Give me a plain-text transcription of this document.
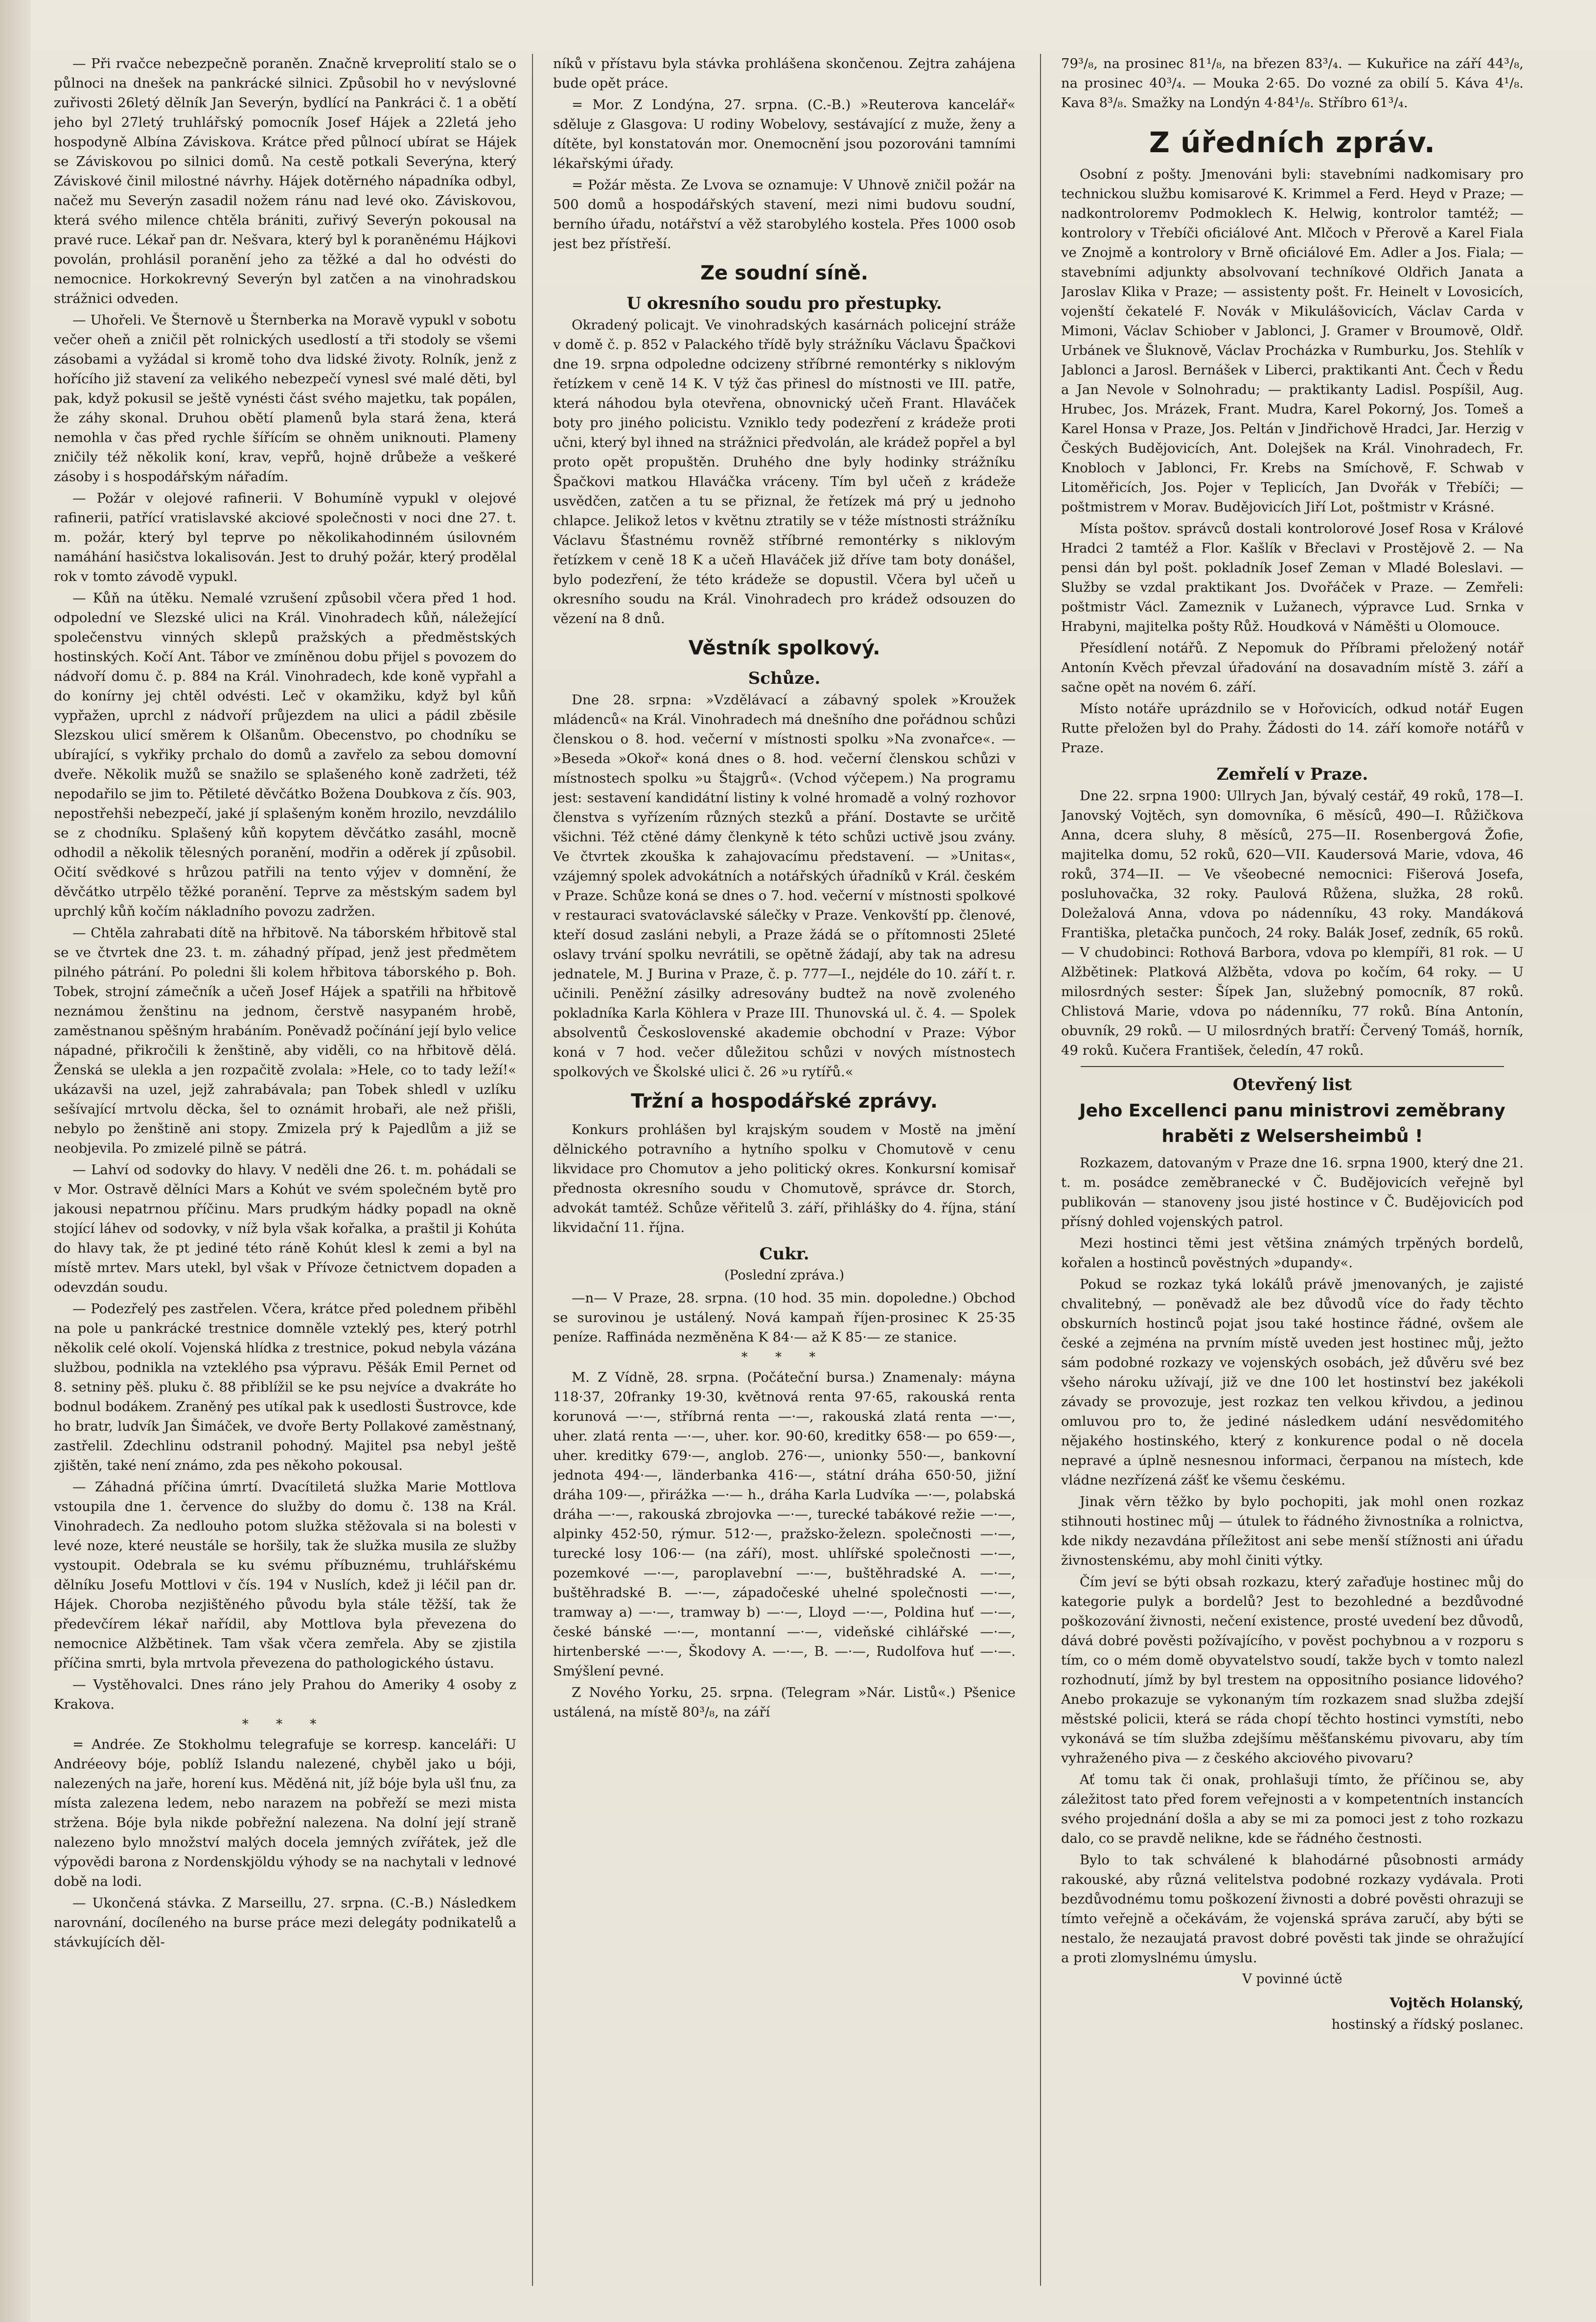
— Při rvačce nebezpečně poraněn. Značně krveprolití stalo se o půlnoci na dnešek na pankrácké silnici. Způsobil ho v nevýslovné zuřivosti 26letý dělník Jan Severýn, bydlící na Pankráci č. 1 a obětí jeho byl 27letý truhlářský pomocník Josef Hájek a 22letá jeho hospodyně Albína Záviskova. Krátce před půlnocí ubírat se Hájek se Záviskovou po silnici domů. Na cestě potkali Severýna, který Záviskové činil milostné návrhy. Hájek dotěrného nápadníka odbyl, načež mu Severýn zasadil nožem ránu nad levé oko. Záviskovou, která svého milence chtěla brániti, zuřivý Severýn pokousal na pravé ruce. Lékař pan dr. Nešvara, který byl k poraněnému Hájkovi povolán, prohlásil poranění jeho za těžké a dal ho odvésti do nemocnice. Horkokrevný Severýn byl zatčen a na vinohradskou strážnici odveden.

— Uhořeli. Ve Šternově u Šternberka na Moravě vypukl v sobotu večer oheň a zničil pět rolnických usedlostí a tři stodoly se všemi zásobami a vyžádal si kromě toho dva lidské životy. Rolník, jenž z hořícího již stavení za velikého nebezpečí vynesl své malé děti, byl pak, když pokusil se ještě vynésti část svého majetku, tak popálen, že záhy skonal. Druhou obětí plamenů byla stará žena, která nemohla v čas před rychle šířícím se ohněm uniknouti. Plameny zničily též několik koní, krav, vepřů, hojně drůbeže a veškeré zásoby i s hospodářským nářadím.

— Požár v olejové rafinerii. V Bohumíně vypukl v olejové rafinerii, patřící vratislavské akciové společnosti v noci dne 27. t. m. požár, který byl teprve po několikahodinném úsilovném namáhání hasičstva lokalisován. Jest to druhý požár, který prodělal rok v tomto závodě vypukl.

— Kůň na útěku. Nemalé vzrušení způsobil včera před 1 hod. odpolední ve Slezské ulici na Král. Vinohradech kůň, náležející společenstvu vinných sklepů pražských a předměstských hostinských. Kočí Ant. Tábor ve zmíněnou dobu přijel s povozem do nádvoří domu č. p. 884 na Král. Vinohradech, kde koně vypřahl a do konírny jej chtěl odvésti. Leč v okamžiku, když byl kůň vypřažen, uprchl z nádvoří průjezdem na ulici a pádil zběsile Slezskou ulicí směrem k Olšanům. Obecenstvo, po chodníku se ubírající, s vykřiky prchalo do domů a zavřelo za sebou domovní dveře. Několik mužů se snažilo se splašeného koně zadržeti, též nepodařilo se jim to. Pětileté děvčátko Božena Doubkova z čís. 903, nepostřehši nebezpečí, jaké jí splašeným koněm hrozilo, nevzdálilo se z chodníku. Splašený kůň kopytem děvčátko zasáhl, mocně odhodil a několik tělesných poranění, modřin a oděrek jí způsobil. Očití svědkové s hrůzou patřili na tento výjev v domnění, že děvčátko utrpělo těžké poranění. Teprve za městským sadem byl uprchlý kůň kočím nákladního povozu zadržen.

— Chtěla zahrabati dítě na hřbitově. Na táborském hřbitově stal se ve čtvrtek dne 23. t. m. záhadný případ, jenž jest předmětem pilného pátrání. Po poledni šli kolem hřbitova táborského p. Boh. Tobek, strojní zámečník a učeň Josef Hájek a spatřili na hřbitově neznámou ženštinu na jednom, čerstvě nasypaném hrobě, zaměstnanou spěšným hrabáním. Poněvadž počínání její bylo velice nápadné, přikročili k ženštině, aby viděli, co na hřbitově dělá. Ženská se ulekla a jen rozpačitě zvolala: »Hele, co to tady leží!« ukázavši na uzel, jejž zahrabávala; pan Tobek shledl v uzlíku sešívající mrtvolu děcka, šel to oznámit hrobaři, ale než přišli, nebylo po ženštině ani stopy. Zmizela prý k Pajedlům a již se neobjevila. Po zmizelé pilně se pátrá.

— Lahví od sodovky do hlavy. V neděli dne 26. t. m. pohádali se v Mor. Ostravě dělníci Mars a Kohút ve svém společném bytě pro jakousi nepatrnou příčinu. Mars prudkým hádky popadl na okně stojící láhev od sodovky, v níž byla však kořalka, a praštil ji Kohúta do hlavy tak, že pt jediné této ráně Kohút klesl k zemi a byl na místě mrtev. Mars utekl, byl však v Přívoze četnictvem dopaden a odevzdán soudu.

— Podezřelý pes zastřelen. Včera, krátce před polednem přiběhl na pole u pankrácké trestnice domněle vzteklý pes, který potrhl několik celé okolí. Vojenská hlídka z trestnice, pokud nebyla vázána službou, podnikla na vzteklého psa výpravu. Pěšák Emil Pernet od 8. setniny pěš. pluku č. 88 přiblížil se ke psu nejvíce a dvakráte ho bodnul bodákem. Zraněný pes utíkal pak k usedlosti Šustrovce, kde ho bratr, ludvík Jan Šimáček, ve dvoře Berty Pollakové zaměstnaný, zastřelil. Zdechlinu odstranil pohodný. Majitel psa nebyl ještě zjištěn, také není známo, zda pes někoho pokousal.

— Záhadná příčina úmrtí. Dvacítiletá služka Marie Mottlova vstoupila dne 1. července do služby do domu č. 138 na Král. Vinohradech. Za nedlouho potom služka stěžovala si na bolesti v levé noze, které neustále se horšily, tak že služka musila ze služby vystoupit. Odebrala se ku svému příbuznému, truhlářskému dělníku Josefu Mottlovi v čís. 194 v Nuslích, kdež ji léčil pan dr. Hájek. Choroba nezjištěného původu byla stále těžší, tak že předevčírem lékař nařídil, aby Mottlova byla převezena do nemocnice Alžbětinek. Tam však včera zemřela. Aby se zjistila příčina smrti, byla mrtvola převezena do pathologického ústavu.

— Vystěhovalci. Dnes ráno jely Prahou do Ameriky 4 osoby z Krakova.

* * *

= Andrée. Ze Stokholmu telegrafuje se korresp. kanceláři: U Andréeovy bóje, poblíž Islandu nalezené, chyběl jako u bóji, nalezených na jaře, horení kus. Měděná nit, jíž bóje byla ušl ťnu, za místa zalezena ledem, nebo narazem na pobřeží se mezi mista stržena. Bóje byla nikde pobřežní nalezena. Na dolní její straně nalezeno bylo množství malých docela jemných zvířátek, jež dle výpovědi barona z Nordenskjöldu výhody se na nachytali v lednové době na lodi.

— Ukončená stávka. Z Marseillu, 27. srpna. (C.-B.) Následkem narovnání, docíleného na burse práce mezi delegáty podnikatelů a stávkujících děl-

níků v přístavu byla stávka prohlášena skončenou. Zejtra zahájena bude opět práce.

= Mor. Z Londýna, 27. srpna. (C.-B.) »Reuterova kancelář« sděluje z Glasgova: U rodiny Wobelovy, sestávající z muže, ženy a dítěte, byl konstatován mor. Onemocnění jsou pozorováni tamními lékařskými úřady.

= Požár města. Ze Lvova se oznamuje: V Uhnově zničil požár na 500 domů a hospodářských stavení, mezi nimi budovu soudní, berního úřadu, notářství a věž starobylého kostela. Přes 1000 osob jest bez přístřeší.

Ze soudní síně.
U okresního soudu pro přestupky.

Okradený policajt. Ve vinohradských kasárnách policejní stráže v domě č. p. 852 v Palackého třídě byly strážníku Václavu Špačkovi dne 19. srpna odpoledne odcizeny stříbrné remontérky s niklovým řetízkem v ceně 14 K. V týž čas přinesl do místnosti ve III. patře, která náhodou byla otevřena, obnovnický učeň Frant. Hlaváček boty pro jiného policistu. Vzniklo tedy podezření z krádeže proti učni, který byl ihned na strážnici předvolán, ale krádež popřel a byl proto opět propuštěn. Druhého dne byly hodinky strážníku Špačkovi matkou Hlaváčka vráceny. Tím byl učeň z krádeže usvědčen, zatčen a tu se přiznal, že řetízek má prý u jednoho chlapce. Jelikož letos v květnu ztratily se v téže místnosti strážníku Václavu Šťastnému rovněž stříbrné remontérky s niklovým řetízkem v ceně 18 K a učeň Hlaváček již dříve tam boty donášel, bylo podezření, že této krádeže se dopustil. Včera byl učeň u okresního soudu na Král. Vinohradech pro krádež odsouzen do vězení na 8 dnů.

Věstník spolkový.
Schůze.

Dne 28. srpna: »Vzdělávací a zábavný spolek »Kroužek mládenců« na Král. Vinohradech má dnešního dne pořádnou schůzi členskou o 8. hod. večerní v místnosti spolku »Na zvonařce«. — »Beseda »Okoř« koná dnes o 8. hod. večerní členskou schůzi v místnostech spolku »u Štajgrů«. (Vchod výčepem.) Na programu jest: sestavení kandidátní listiny k volné hromadě a volný rozhovor členstva s vyřízením různých stezků a přání. Dostavte se určitě všichni. Též ctěné dámy členkyně k této schůzi uctivě jsou zvány. Ve čtvrtek zkouška k zahajovacímu představení. — »Unitas«, vzájemný spolek advokátních a notářských úřadníků v Král. českém v Praze. Schůze koná se dnes o 7. hod. večerní v místnosti spolkové v restauraci svatováclavské sálečky v Praze. Venkovští pp. členové, kteří dosud zasláni nebyli, a Praze žádá se o přítomnosti 25leté oslavy trvání spolku nevrátili, se opětně žádají, aby tak na adresu jednatele, M. J Burina v Praze, č. p. 777—I., nejdéle do 10. září t. r. učinili. Peněžní zásilky adresovány budtež na nově zvoleného pokladníka Karla Köhlera v Praze III. Thunovská ul. č. 4. — Spolek absolventů Československé akademie obchodní v Praze: Výbor koná v 7 hod. večer důležitou schůzi v nových místnostech spolkových ve Školské ulici č. 26 »u rytířů.«

Tržní a hospodářské zprávy.

Konkurs prohlášen byl krajským soudem v Mostě na jmění dělnického potravního a hytního spolku v Chomutově v cenu likvidace pro Chomutov a jeho politický okres. Konkursní komisař přednosta okresního soudu v Chomutově, správce dr. Storch, advokát tamtéž. Schůze věřitelů 3. září, přihlášky do 4. října, stání likvidační 11. října.

Cukr.
(Poslední zpráva.)

—n— V Praze, 28. srpna. (10 hod. 35 min. dopoledne.) Obchod se surovinou je ustálený. Nová kampaň říjen-prosinec K 25·35 peníze. Raffináda nezměněna K 84·— až K 85·— ze stanice.

* * *

M. Z Vídně, 28. srpna. (Počáteční bursa.) Znamenaly: máyna 118·37, 20franky 19·30, květnová renta 97·65, rakouská renta korunová —·—, stříbrná renta —·—, rakouská zlatá renta —·—, uher. zlatá renta —·—, uher. kor. 90·60, kreditky 658·— po 659·—, uher. kreditky 679·—, anglob. 276·—, unionky 550·—, bankovní jednota 494·—, länderbanka 416·—, státní dráha 650·50, jižní dráha 109·—, přirážka —·— h., dráha Karla Ludvíka —·—, polabská dráha —·—, rakouská zbrojovka —·—, turecké tabákové režie —·—, alpinky 452·50, rýmur. 512·—, pražsko-železn. společnosti —·—, turecké losy 106·— (na září), most. uhlířské společnosti —·—, pozemkové —·—, paroplavební —·—, buštěhradské A. —·—, buštěhradské B. —·—, západočeské uhelné společnosti —·—, tramway a) —·—, tramway b) —·—, Lloyd —·—, Poldina huť —·—, české bánské —·—, montanní —·—, videňské cihlářské —·—, hirtenberské —·—, Škodovy A. —·—, B. —·—, Rudolfova huť —·—. Smýšlení pevné.

Z Nového Yorku, 25. srpna. (Telegram »Nár. Listů«.) Pšenice ustálená, na místě 80³/₈, na září

79³/₈, na prosinec 81¹/₈, na březen 83³/₄. — Kukuřice na září 44³/₈, na prosinec 40³/₄. — Mouka 2·65. Do vozné za obilí 5. Káva 4¹/₈. Kava 8³/₈. Smažky na Londýn 4·84¹/₈. Stříbro 61³/₄.

Z úředních zpráv.

Osobní z pošty. Jmenováni byli: stavebními nadkomisary pro technickou službu komisarové K. Krimmel a Ferd. Heyd v Praze; — nadkontroloremv Podmoklech K. Helwig, kontrolor tamtéž; — kontrolory v Třebíči oficiálové Ant. Mlčoch v Přerově a Karel Fiala ve Znojmě a kontrolory v Brně oficiálové Em. Adler a Jos. Fiala; — stavebními adjunkty absolvovaní techníkové Oldřich Janata a Jaroslav Klika v Praze; — assistenty pošt. Fr. Heinelt v Lovosicích, vojenští čekatelé F. Novák v Mikulášovicích, Václav Carda v Mimoni, Václav Schiober v Jablonci, J. Gramer v Broumově, Oldř. Urbánek ve Šluknově, Václav Procházka v Rumburku, Jos. Stehlík v Jablonci a Jarosl. Bernášek v Liberci, praktikanti Ant. Čech v Ředu a Jan Nevole v Solnohradu; — praktikanty Ladisl. Pospíšil, Aug. Hrubec, Jos. Mrázek, Frant. Mudra, Karel Pokorný, Jos. Tomeš a Karel Honsa v Praze, Jos. Peltán v Jindřichově Hradci, Jar. Herzig v Českých Budějovicích, Ant. Dolejšek na Král. Vinohradech, Fr. Knobloch v Jablonci, Fr. Krebs na Smíchově, F. Schwab v Litoměřicích, Jos. Pojer v Teplicích, Jan Dvořák v Třebíči; — poštmistrem v Morav. Budějovicích Jiří Lot, poštmistr v Krásné.

Místa poštov. správců dostali kontrolorové Josef Rosa v Králové Hradci 2 tamtéž a Flor. Kašlík v Břeclavi v Prostějově 2. — Na pensi dán byl pošt. pokladník Josef Zeman v Mladé Boleslavi. — Služby se vzdal praktikant Jos. Dvořáček v Praze. — Zemřeli: poštmistr Václ. Zameznik v Lužanech, výpravce Lud. Srnka v Hrabyni, majitelka pošty Růž. Houdková v Náměšti u Olomouce.

Přesídlení notářů. Z Nepomuk do Příbrami přeložený notář Antonín Kvěch převzal úřadování na dosavadním místě 3. září a sačne opět na novém 6. září.

Místo notáře uprázdnilo se v Hořovicích, odkud notář Eugen Rutte přeložen byl do Prahy. Žádosti do 14. září komoře notářů v Praze.

Zemřelí v Praze.

Dne 22. srpna 1900: Ullrych Jan, bývalý cestář, 49 roků, 178—I. Janovský Vojtěch, syn domovníka, 6 měsíců, 490—I. Růžičkova Anna, dcera sluhy, 8 měsíců, 275—II. Rosenbergová Žofie, majitelka domu, 52 roků, 620—VII. Kaudersová Marie, vdova, 46 roků, 374—II. — Ve všeobecné nemocnici: Fišerová Josefa, posluhovačka, 32 roky. Paulová Růžena, služka, 28 roků. Doležalová Anna, vdova po nádenníku, 43 roky. Mandáková Františka, pletačka punčoch, 24 roky. Balák Josef, zedník, 65 roků. — V chudobinci: Rothová Barbora, vdova po klempíři, 81 rok. — U Alžbětinek: Platková Alžběta, vdova po kočím, 64 roky. — U milosrdných sester: Šípek Jan, služebný pomocník, 87 roků. Chlistová Marie, vdova po nádenníku, 77 roků. Bína Antonín, obuvník, 29 roků. — U milosrdných bratří: Červený Tomáš, horník, 49 roků. Kučera František, čeledín, 47 roků.

Otevřený list
Jeho Excellenci panu ministrovi zeměbrany hraběti z Welsersheimbů !

Rozkazem, datovaným v Praze dne 16. srpna 1900, který dne 21. t. m. posádce zeměbranecké v Č. Budějovicích veřejně byl publikován — stanoveny jsou jisté hostince v Č. Budějovicích pod přísný dohled vojenských patrol.

Mezi hostinci těmi jest většina známých trpěných bordelů, kořalen a hostinců pověstných »dupandy«.

Pokud se rozkaz tyká lokálů právě jmenovaných, je zajisté chvalitebný, — poněvadž ale bez důvodů více do řady těchto obskurních hostinců pojat jsou také hostince řádné, ovšem ale české a zejména na prvním místě uveden jest hostinec můj, ježto sám podobné rozkazy ve vojenských osobách, jež důvěru své bez všeho nároku užívají, již ve dne 100 let hostinství bez jakékoli závady se provozuje, jest rozkaz ten velkou křivdou, a jedinou omluvou pro to, že jediné následkem udání nesvědomitého nějakého hostinského, který z konkurence podal o ně docela nepravé a úplně nesnesnou informaci, čerpanou na místech, kde vládne nezřízená zášť ke všemu českému.

Jinak věrn těžko by bylo pochopiti, jak mohl onen rozkaz stihnouti hostinec můj — útulek to řádného živnostníka a rolnictva, kde nikdy nezavdána příležitost ani sebe menší stížnosti ani úřadu živnostenskému, aby mohl činiti výtky.

Čím jeví se býti obsah rozkazu, který zařaďuje hostinec můj do kategorie pulyk a bordelů? Jest to bezohledné a bezdůvodné poškozování živnosti, nečení existence, prosté uvedení bez důvodů, dává dobré pověsti požívajícího, v pověst pochybnou a v rozporu s tím, co o mém domě obyvatelstvo soudí, takže bych v tomto nalezl rozhodnutí, jímž by byl trestem na oppositního posiance lidového? Anebo prokazuje se vykonaným tím rozkazem snad služba zdejší městské policii, která se ráda chopí těchto hostinci vymstíti, nebo vykonává se tím služba zdejšímu měšťanskému pivovaru, aby tím vyhraženého piva — z českého akciového pivovaru?

Ať tomu tak či onak, prohlašuji tímto, že příčinou se, aby záležitost tato před forem veřejnosti a v kompetentních instancích svého projednání došla a aby se mi za pomoci jest z toho rozkazu dalo, co se pravdě nelikne, kde se řádného čestnosti.

Bylo to tak schválené k blahodárné působnosti armády rakouské, aby různá velitelstva podobné rozkazy vydávala. Proti bezdůvodnému tomu poškození živnosti a dobré pověsti ohrazuji se tímto veřejně a očekávám, že vojenská správa zaručí, aby býti se nestalo, že nezaujatá pravost dobré pověsti tak jinde se ohražující a proti zlomyslnému úmyslu.

V povinné úctě

Vojtěch Holanský,

hostinský a řídský poslanec.
